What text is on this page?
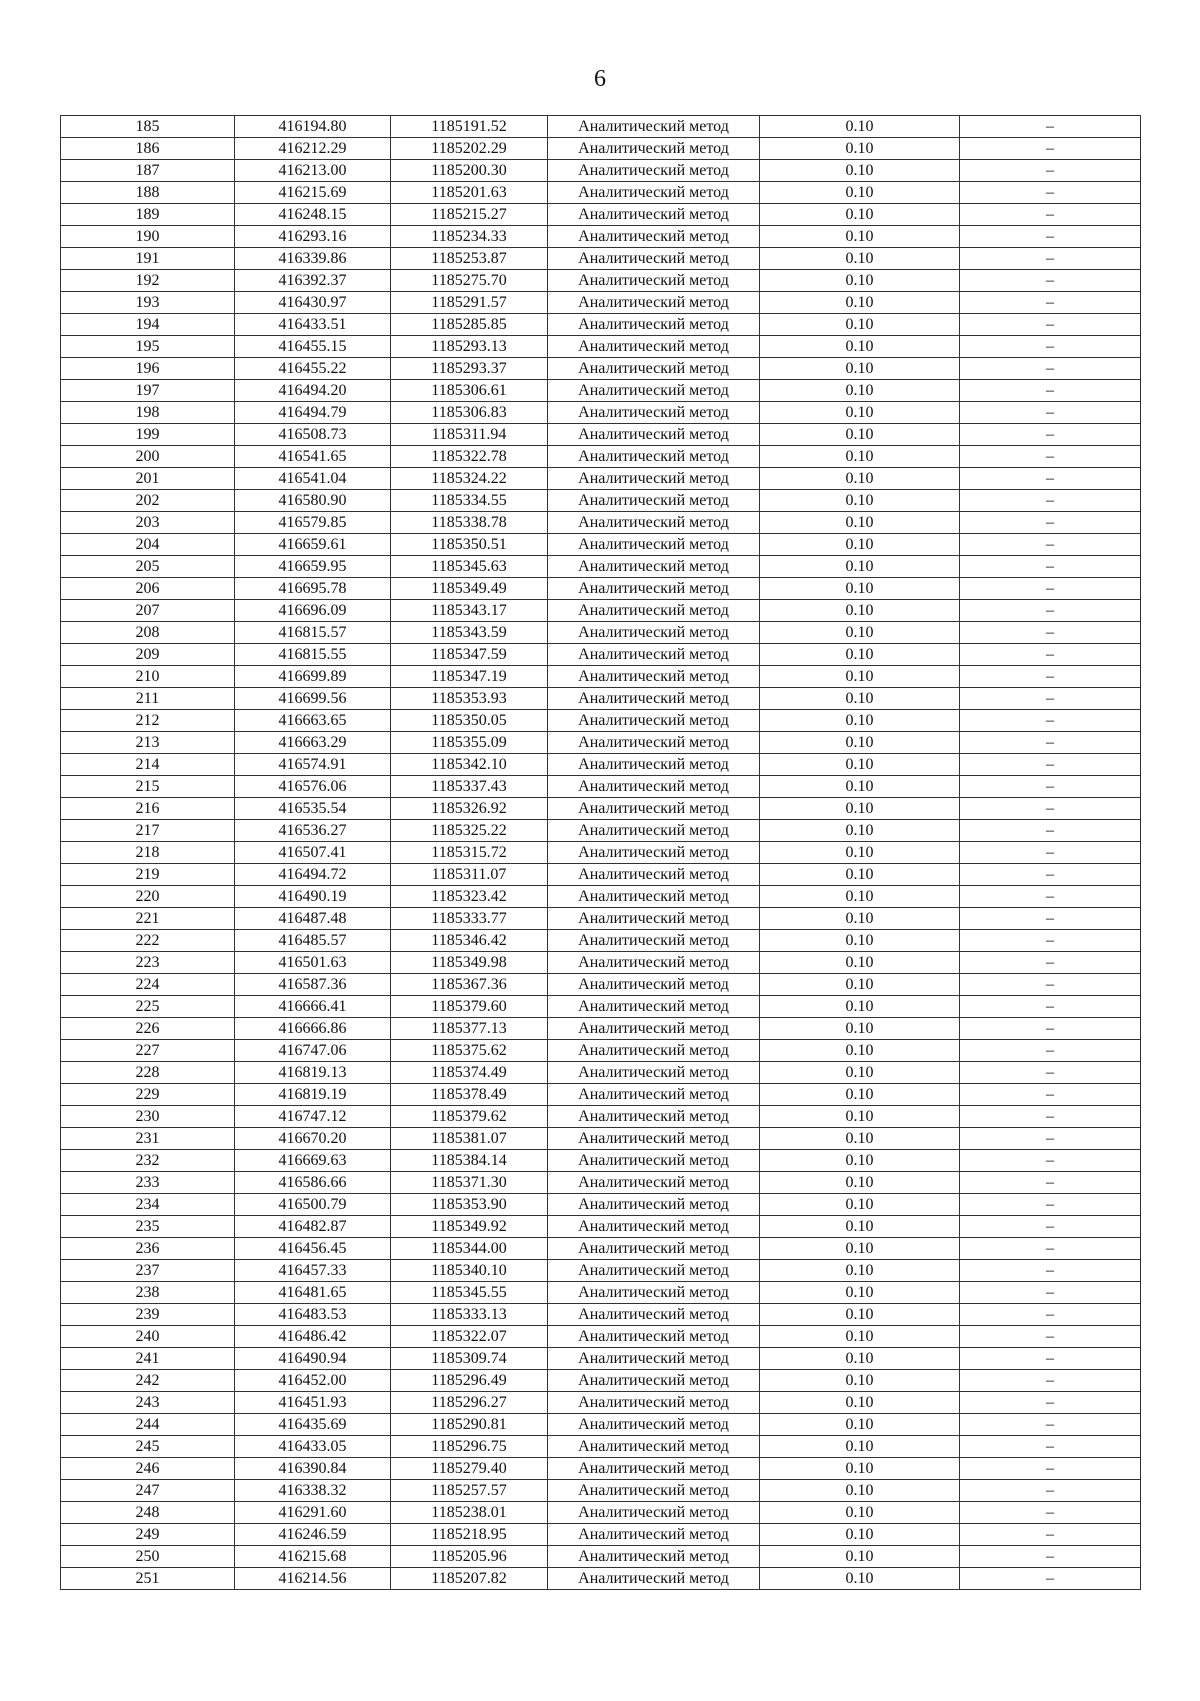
6
185	416194.80	1185191.52	Аналитический метод	0.10	–
186	416212.29	1185202.29	Аналитический метод	0.10	–
187	416213.00	1185200.30	Аналитический метод	0.10	–
188	416215.69	1185201.63	Аналитический метод	0.10	–
189	416248.15	1185215.27	Аналитический метод	0.10	–
190	416293.16	1185234.33	Аналитический метод	0.10	–
191	416339.86	1185253.87	Аналитический метод	0.10	–
192	416392.37	1185275.70	Аналитический метод	0.10	–
193	416430.97	1185291.57	Аналитический метод	0.10	–
194	416433.51	1185285.85	Аналитический метод	0.10	–
195	416455.15	1185293.13	Аналитический метод	0.10	–
196	416455.22	1185293.37	Аналитический метод	0.10	–
197	416494.20	1185306.61	Аналитический метод	0.10	–
198	416494.79	1185306.83	Аналитический метод	0.10	–
199	416508.73	1185311.94	Аналитический метод	0.10	–
200	416541.65	1185322.78	Аналитический метод	0.10	–
201	416541.04	1185324.22	Аналитический метод	0.10	–
202	416580.90	1185334.55	Аналитический метод	0.10	–
203	416579.85	1185338.78	Аналитический метод	0.10	–
204	416659.61	1185350.51	Аналитический метод	0.10	–
205	416659.95	1185345.63	Аналитический метод	0.10	–
206	416695.78	1185349.49	Аналитический метод	0.10	–
207	416696.09	1185343.17	Аналитический метод	0.10	–
208	416815.57	1185343.59	Аналитический метод	0.10	–
209	416815.55	1185347.59	Аналитический метод	0.10	–
210	416699.89	1185347.19	Аналитический метод	0.10	–
211	416699.56	1185353.93	Аналитический метод	0.10	–
212	416663.65	1185350.05	Аналитический метод	0.10	–
213	416663.29	1185355.09	Аналитический метод	0.10	–
214	416574.91	1185342.10	Аналитический метод	0.10	–
215	416576.06	1185337.43	Аналитический метод	0.10	–
216	416535.54	1185326.92	Аналитический метод	0.10	–
217	416536.27	1185325.22	Аналитический метод	0.10	–
218	416507.41	1185315.72	Аналитический метод	0.10	–
219	416494.72	1185311.07	Аналитический метод	0.10	–
220	416490.19	1185323.42	Аналитический метод	0.10	–
221	416487.48	1185333.77	Аналитический метод	0.10	–
222	416485.57	1185346.42	Аналитический метод	0.10	–
223	416501.63	1185349.98	Аналитический метод	0.10	–
224	416587.36	1185367.36	Аналитический метод	0.10	–
225	416666.41	1185379.60	Аналитический метод	0.10	–
226	416666.86	1185377.13	Аналитический метод	0.10	–
227	416747.06	1185375.62	Аналитический метод	0.10	–
228	416819.13	1185374.49	Аналитический метод	0.10	–
229	416819.19	1185378.49	Аналитический метод	0.10	–
230	416747.12	1185379.62	Аналитический метод	0.10	–
231	416670.20	1185381.07	Аналитический метод	0.10	–
232	416669.63	1185384.14	Аналитический метод	0.10	–
233	416586.66	1185371.30	Аналитический метод	0.10	–
234	416500.79	1185353.90	Аналитический метод	0.10	–
235	416482.87	1185349.92	Аналитический метод	0.10	–
236	416456.45	1185344.00	Аналитический метод	0.10	–
237	416457.33	1185340.10	Аналитический метод	0.10	–
238	416481.65	1185345.55	Аналитический метод	0.10	–
239	416483.53	1185333.13	Аналитический метод	0.10	–
240	416486.42	1185322.07	Аналитический метод	0.10	–
241	416490.94	1185309.74	Аналитический метод	0.10	–
242	416452.00	1185296.49	Аналитический метод	0.10	–
243	416451.93	1185296.27	Аналитический метод	0.10	–
244	416435.69	1185290.81	Аналитический метод	0.10	–
245	416433.05	1185296.75	Аналитический метод	0.10	–
246	416390.84	1185279.40	Аналитический метод	0.10	–
247	416338.32	1185257.57	Аналитический метод	0.10	–
248	416291.60	1185238.01	Аналитический метод	0.10	–
249	416246.59	1185218.95	Аналитический метод	0.10	–
250	416215.68	1185205.96	Аналитический метод	0.10	–
251	416214.56	1185207.82	Аналитический метод	0.10	–
